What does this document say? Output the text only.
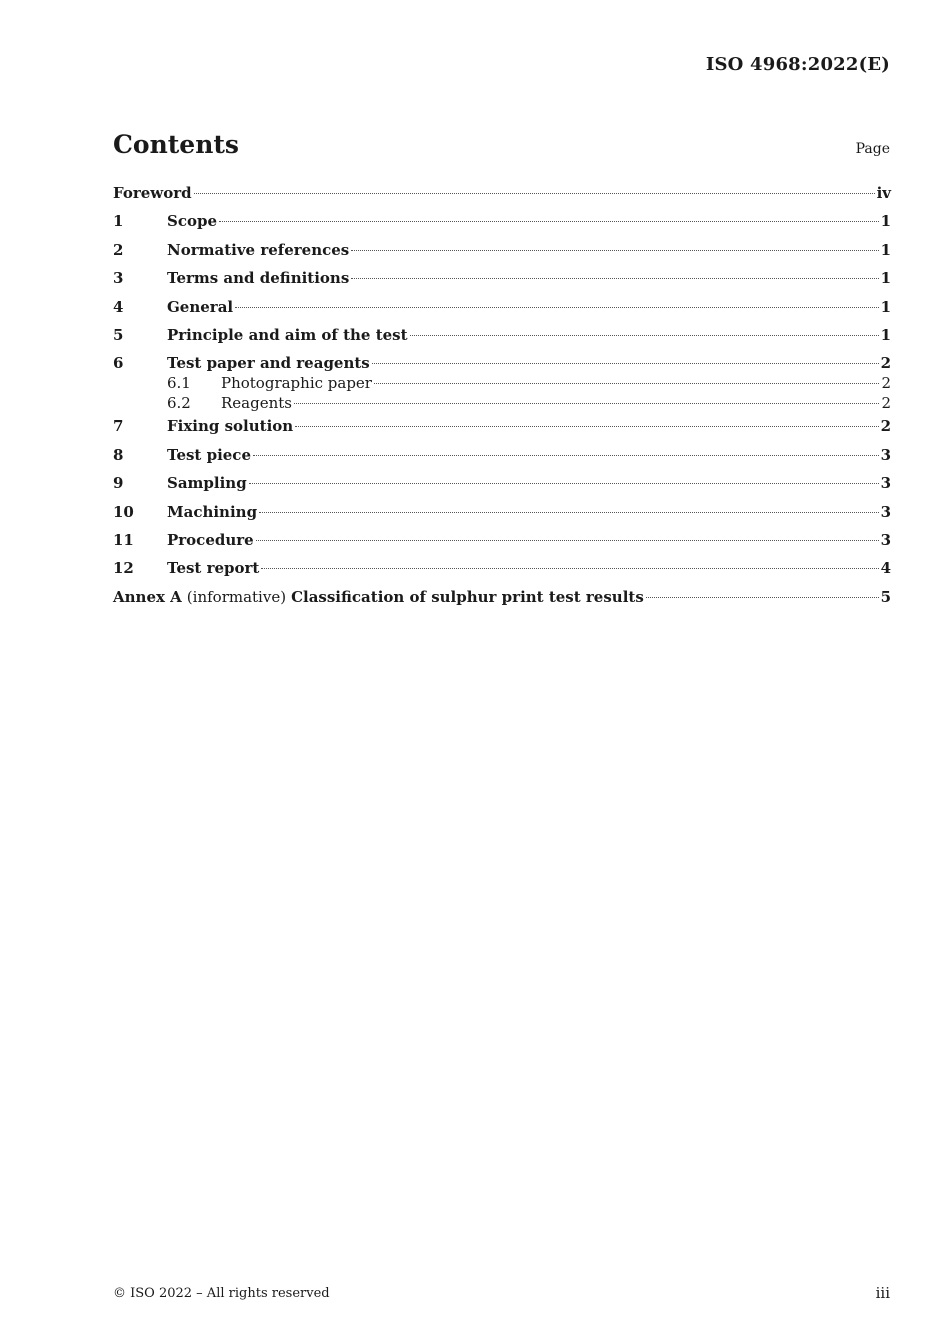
ISO 4968:2022(E)
Contents	Page
Foreword	iv
1	Scope	1
2	Normative references	1
3	Terms and definitions	1
4	General	1
5	Principle and aim of the test	1
6	Test paper and reagents	2
6.1	Photographic paper	2
6.2	Reagents	2
7	Fixing solution	2
8	Test piece	3
9	Sampling	3
10	Machining	3
11	Procedure	3
12	Test report	4
Annex A (informative) Classification of sulphur print test results	5
© ISO 2022 – All rights reserved	iii
